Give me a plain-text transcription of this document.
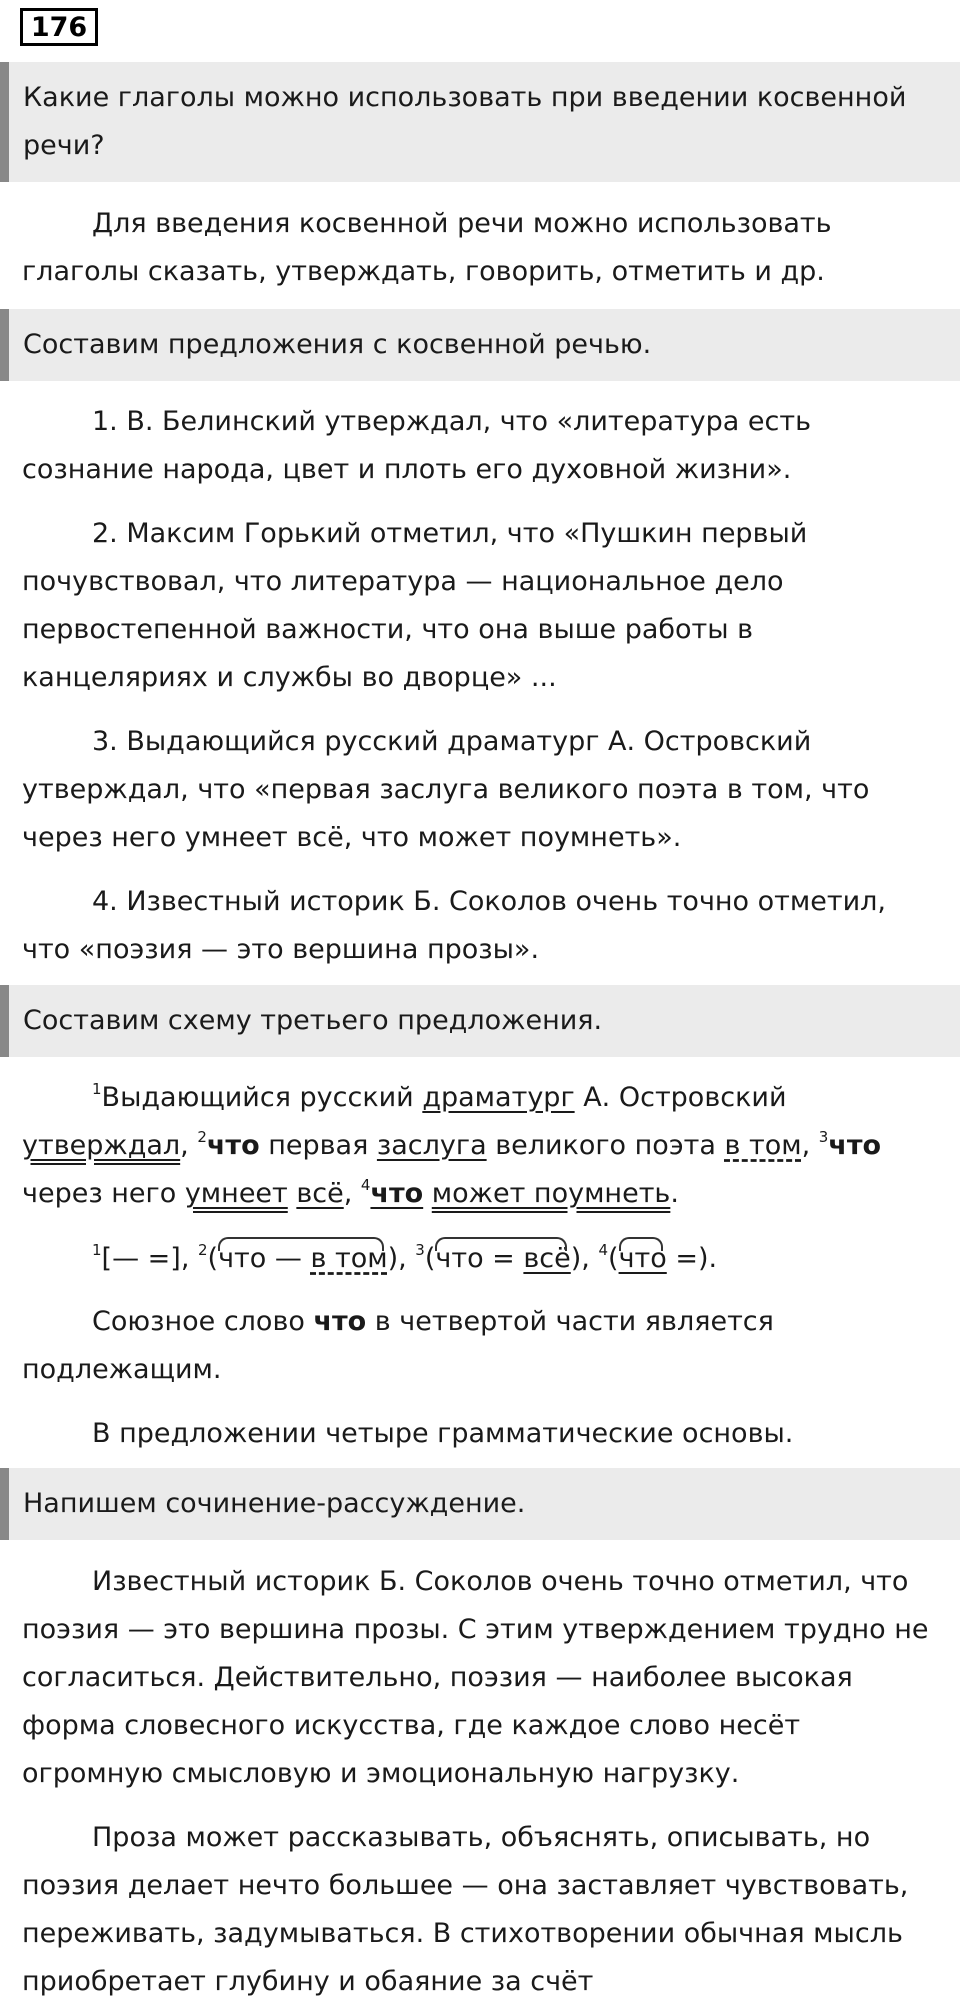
176
Какие глаголы можно использовать при введении косвенной речи?

Для введения косвенной речи можно использовать глаголы сказать, утверждать, говорить, отметить и др.

Составим предложения с косвенной речью.

1. В. Белинский утверждал, что «литература есть сознание народа, цвет и плоть его духовной жизни».

2. Максим Горький отметил, что «Пушкин первый почувствовал, что литература — национальное дело первостепенной важности, что она выше работы в канцеляриях и службы во дворце» ...

3. Выдающийся русский драматург А. Островский утверждал, что «первая заслуга великого поэта в том, что через него умнеет всё, что может поумнеть».

4. Известный историк Б. Соколов очень точно отметил, что «поэзия — это вершина прозы».

Составим схему третьего предложения.

$^1$Выдающийся русский драматург А. Островский утверждал, $^2$что первая заслуга великого поэта в том, $^3$что через него умнеет всё, $^4$что может поумнеть.

$^1$[— =], $^2$(что — в том), $^3$(что = всё), $^4$(что =).

Союзное слово что в четвертой части является подлежащим.

В предложении четыре грамматические основы.

Напишем сочинение-рассуждение.

Известный историк Б. Соколов очень точно отметил, что поэзия — это вершина прозы. С этим утверждением трудно не согласиться. Действительно, поэзия — наиболее высокая форма словесного искусства, где каждое слово несёт огромную смысловую и эмоциональную нагрузку.

Проза может рассказывать, объяснять, описывать, но поэзия делает нечто большее — она заставляет чувствовать, переживать, задумываться. В стихотворении обычная мысль приобретает глубину и обаяние за счёт
